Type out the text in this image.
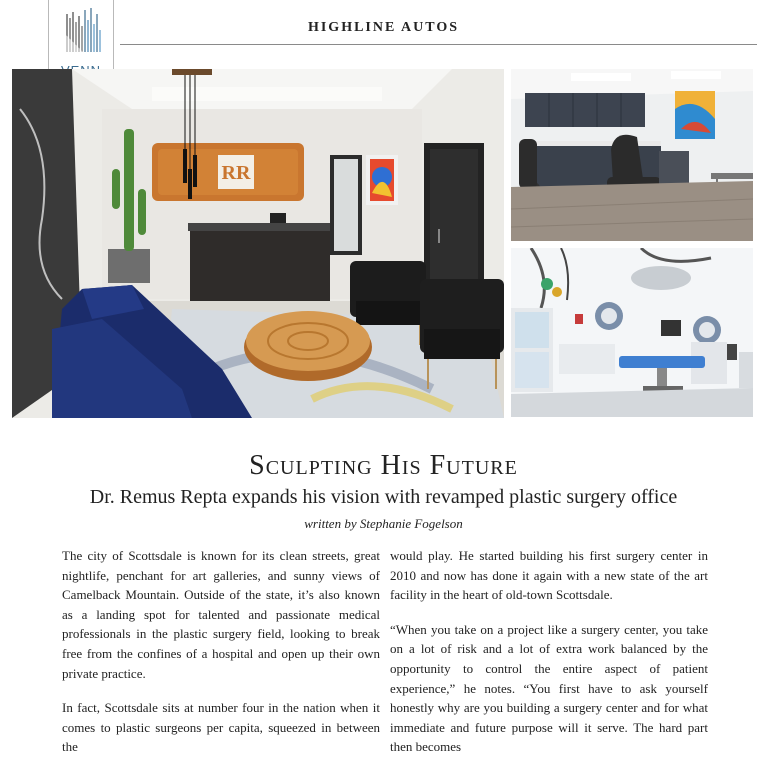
HIGHLINE AUTOS
RR
Sculpting His Future
Dr. Remus Repta expands his vision with revamped plastic surgery office
written by Stephanie Fogelson

The city of Scottsdale is known for its clean streets, great nightlife, penchant for art galleries, and sunny views of Camelback Mountain. Outside of the state, it’s also known as a landing spot for talented and passionate medical professionals in the plastic surgery field, looking to break free from the confines of a hospital and open up their own private practice.

In fact, Scottsdale sits at number four in the nation when it comes to plastic surgeons per capita, squeezed in between the

would play. He started building his first surgery center in 2010 and now has done it again with a new state of the art facility in the heart of old-town Scottsdale.

“When you take on a project like a surgery center, you take on a lot of risk and a lot of extra work balanced by the opportunity to control the entire aspect of patient experience,” he notes. “You first have to ask yourself honestly why are you building a surgery center and for what immediate and future purpose will it serve. The hard part then becomes
